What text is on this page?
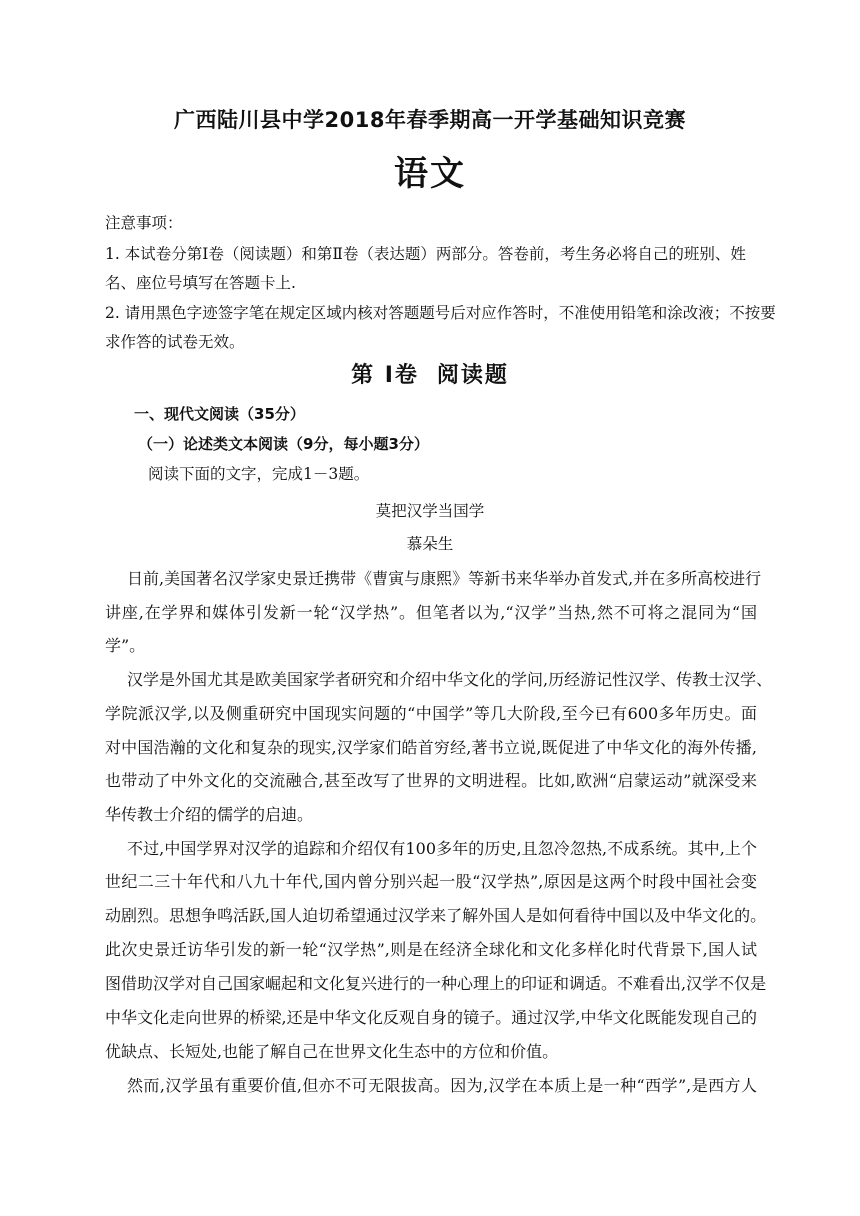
广西陆川县中学2018年春季期高一开学基础知识竞赛
语文
注意事项：
1. 本试卷分第Ⅰ卷（阅读题）和第Ⅱ卷（表达题）两部分。答卷前，考生务必将自己的班别、姓
名、座位号填写在答题卡上.
2. 请用黑色字迹签字笔在规定区域内核对答题题号后对应作答时，不准使用铅笔和涂改液；不按要
求作答的试卷无效。
第 Ⅰ卷 阅读题
一、现代文阅读（35分）
（一）论述类文本阅读（9分，每小题3分）
阅读下面的文字，完成1－3题。
莫把汉学当国学
慕朵生
日前,美国著名汉学家史景迁携带《曹寅与康熙》等新书来华举办首发式,并在多所高校进行
讲座,在学界和媒体引发新一轮“汉学热”。但笔者以为,“汉学”当热,然不可将之混同为“国
学”。
汉学是外国尤其是欧美国家学者研究和介绍中华文化的学问,历经游记性汉学、传教士汉学、
学院派汉学,以及侧重研究中国现实问题的“中国学”等几大阶段,至今已有600多年历史。面
对中国浩瀚的文化和复杂的现实,汉学家们皓首穷经,著书立说,既促进了中华文化的海外传播,
也带动了中外文化的交流融合,甚至改写了世界的文明进程。比如,欧洲“启蒙运动”就深受来
华传教士介绍的儒学的启迪。
不过,中国学界对汉学的追踪和介绍仅有100多年的历史,且忽冷忽热,不成系统。其中,上个
世纪二三十年代和八九十年代,国内曾分别兴起一股“汉学热”,原因是这两个时段中国社会变
动剧烈。思想争鸣活跃,国人迫切希望通过汉学来了解外国人是如何看待中国以及中华文化的。
此次史景迁访华引发的新一轮“汉学热”,则是在经济全球化和文化多样化时代背景下,国人试
图借助汉学对自己国家崛起和文化复兴进行的一种心理上的印证和调适。不难看出,汉学不仅是
中华文化走向世界的桥梁,还是中华文化反观自身的镜子。通过汉学,中华文化既能发现自己的
优缺点、长短处,也能了解自己在世界文化生态中的方位和价值。
然而,汉学虽有重要价值,但亦不可无限拔高。因为,汉学在本质上是一种“西学”,是西方人
